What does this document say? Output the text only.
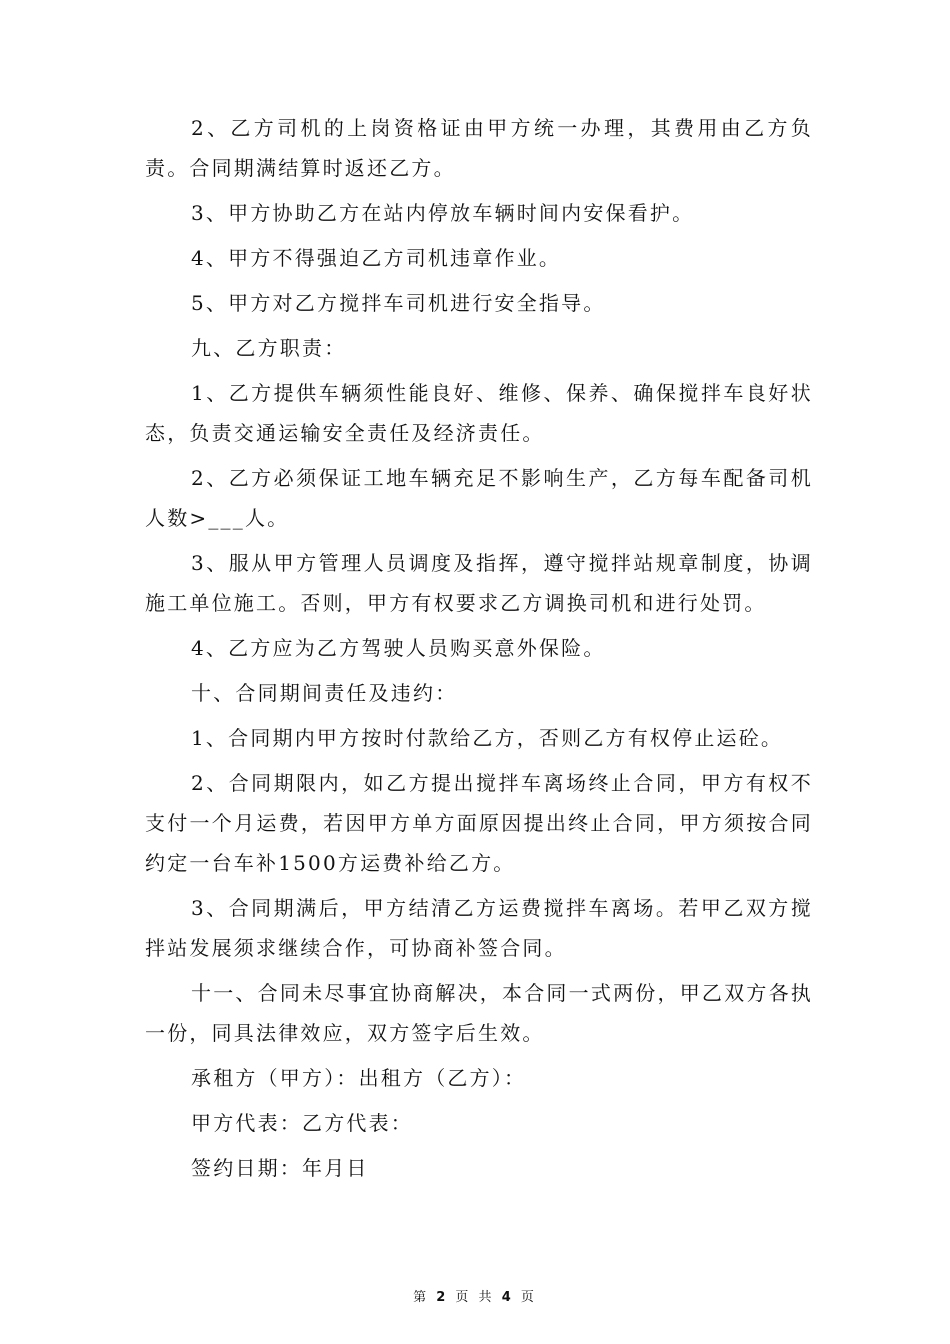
2、乙方司机的上岗资格证由甲方统一办理，其费用由乙方负责。合同期满结算时返还乙方。

3、甲方协助乙方在站内停放车辆时间内安保看护。

4、甲方不得强迫乙方司机违章作业。

5、甲方对乙方搅拌车司机进行安全指导。

九、乙方职责：

1、乙方提供车辆须性能良好、维修、保养、确保搅拌车良好状态，负责交通运输安全责任及经济责任。

2、乙方必须保证工地车辆充足不影响生产，乙方每车配备司机人数>___人。

3、服从甲方管理人员调度及指挥，遵守搅拌站规章制度，协调施工单位施工。否则，甲方有权要求乙方调换司机和进行处罚。

4、乙方应为乙方驾驶人员购买意外保险。

十、合同期间责任及违约：

1、合同期内甲方按时付款给乙方，否则乙方有权停止运砼。

2、合同期限内，如乙方提出搅拌车离场终止合同，甲方有权不支付一个月运费，若因甲方单方面原因提出终止合同，甲方须按合同约定一台车补1500方运费补给乙方。

3、合同期满后，甲方结清乙方运费搅拌车离场。若甲乙双方搅拌站发展须求继续合作，可协商补签合同。

十一、合同未尽事宜协商解决，本合同一式两份，甲乙双方各执一份，同具法律效应，双方签字后生效。

承租方（甲方）：出租方（乙方）：

甲方代表：乙方代表：

签约日期：年月日

第 2 页 共 4 页
